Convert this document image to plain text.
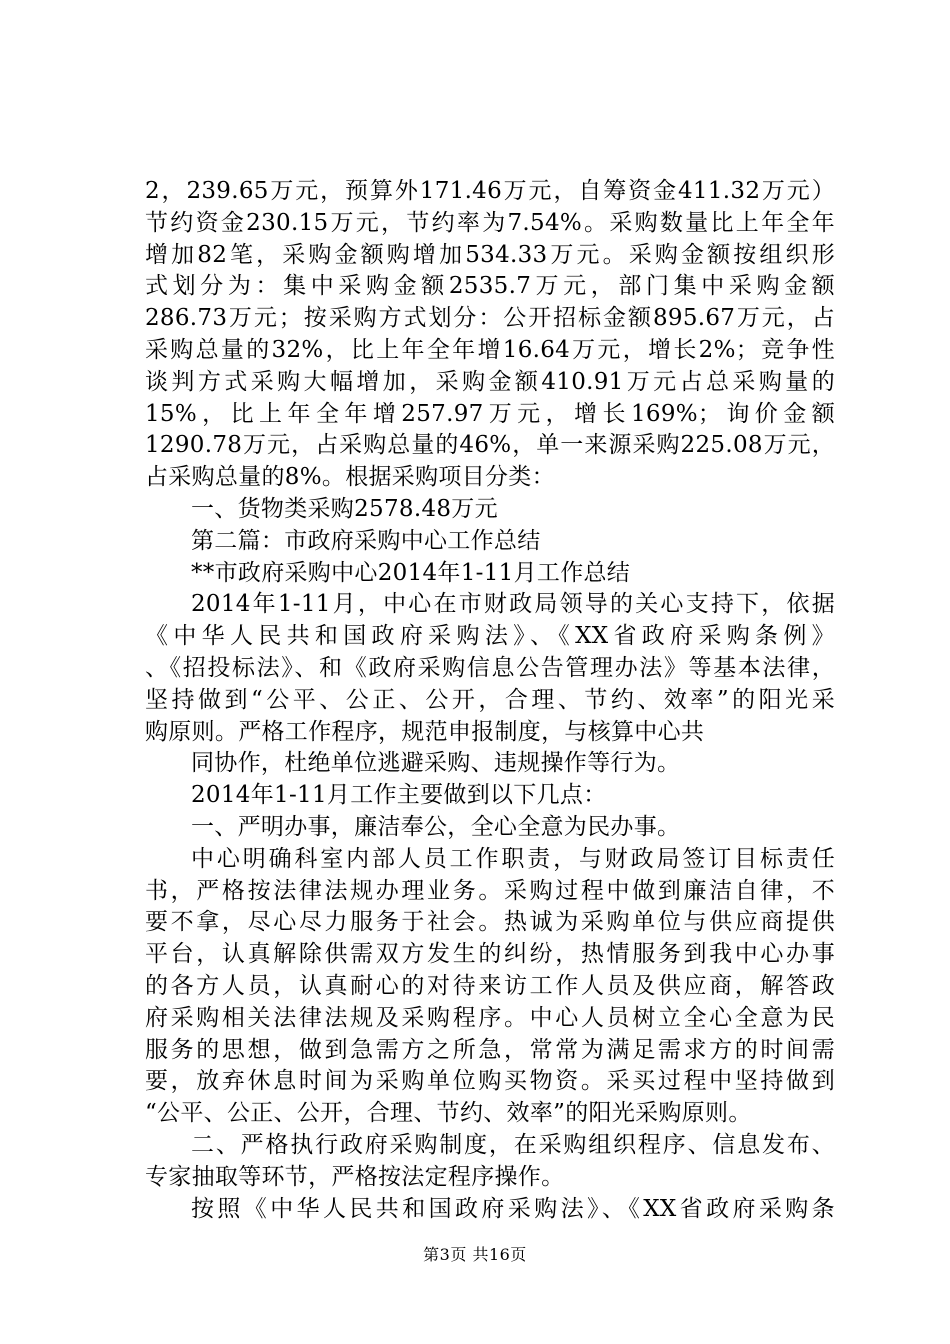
2，239.65万元，预算外171.46万元，自筹资金411.32万元）
节约资金230.15万元，节约率为7.54%。采购数量比上年全年
增加82笔，采购金额购增加534.33万元。采购金额按组织形
式划分为：集中采购金额2535.7万元，部门集中采购金额
286.73万元；按采购方式划分：公开招标金额895.67万元，占
采购总量的32%，比上年全年增16.64万元，增长2%；竞争性
谈判方式采购大幅增加，采购金额410.91万元占总采购量的
15%，比上年全年增257.97万元，增长169%；询价金额
1290.78万元，占采购总量的46%，单一来源采购225.08万元，
占采购总量的8%。根据采购项目分类：
一、货物类采购2578.48万元
第二篇：市政府采购中心工作总结
**市政府采购中心2014年1-11月工作总结
2014年1-11月，中心在市财政局领导的关心支持下，依据
《中华人民共和国政府采购法》、《XX省政府采购条例》
、《招投标法》、和《政府采购信息公告管理办法》等基本法律，
坚持做到“公平、公正、公开，合理、节约、效率”的阳光采
购原则。严格工作程序，规范申报制度，与核算中心共
同协作，杜绝单位逃避采购、违规操作等行为。
2014年1-11月工作主要做到以下几点：
一、严明办事，廉洁奉公，全心全意为民办事。
中心明确科室内部人员工作职责，与财政局签订目标责任
书，严格按法律法规办理业务。采购过程中做到廉洁自律，不
要不拿，尽心尽力服务于社会。热诚为采购单位与供应商提供
平台，认真解除供需双方发生的纠纷，热情服务到我中心办事
的各方人员，认真耐心的对待来访工作人员及供应商，解答政
府采购相关法律法规及采购程序。中心人员树立全心全意为民
服务的思想，做到急需方之所急，常常为满足需求方的时间需
要，放弃休息时间为采购单位购买物资。采买过程中坚持做到
“公平、公正、公开，合理、节约、效率”的阳光采购原则。
二、严格执行政府采购制度，在采购组织程序、信息发布、
专家抽取等环节，严格按法定程序操作。
按照《中华人民共和国政府采购法》、《XX省政府采购条
第3页 共16页
